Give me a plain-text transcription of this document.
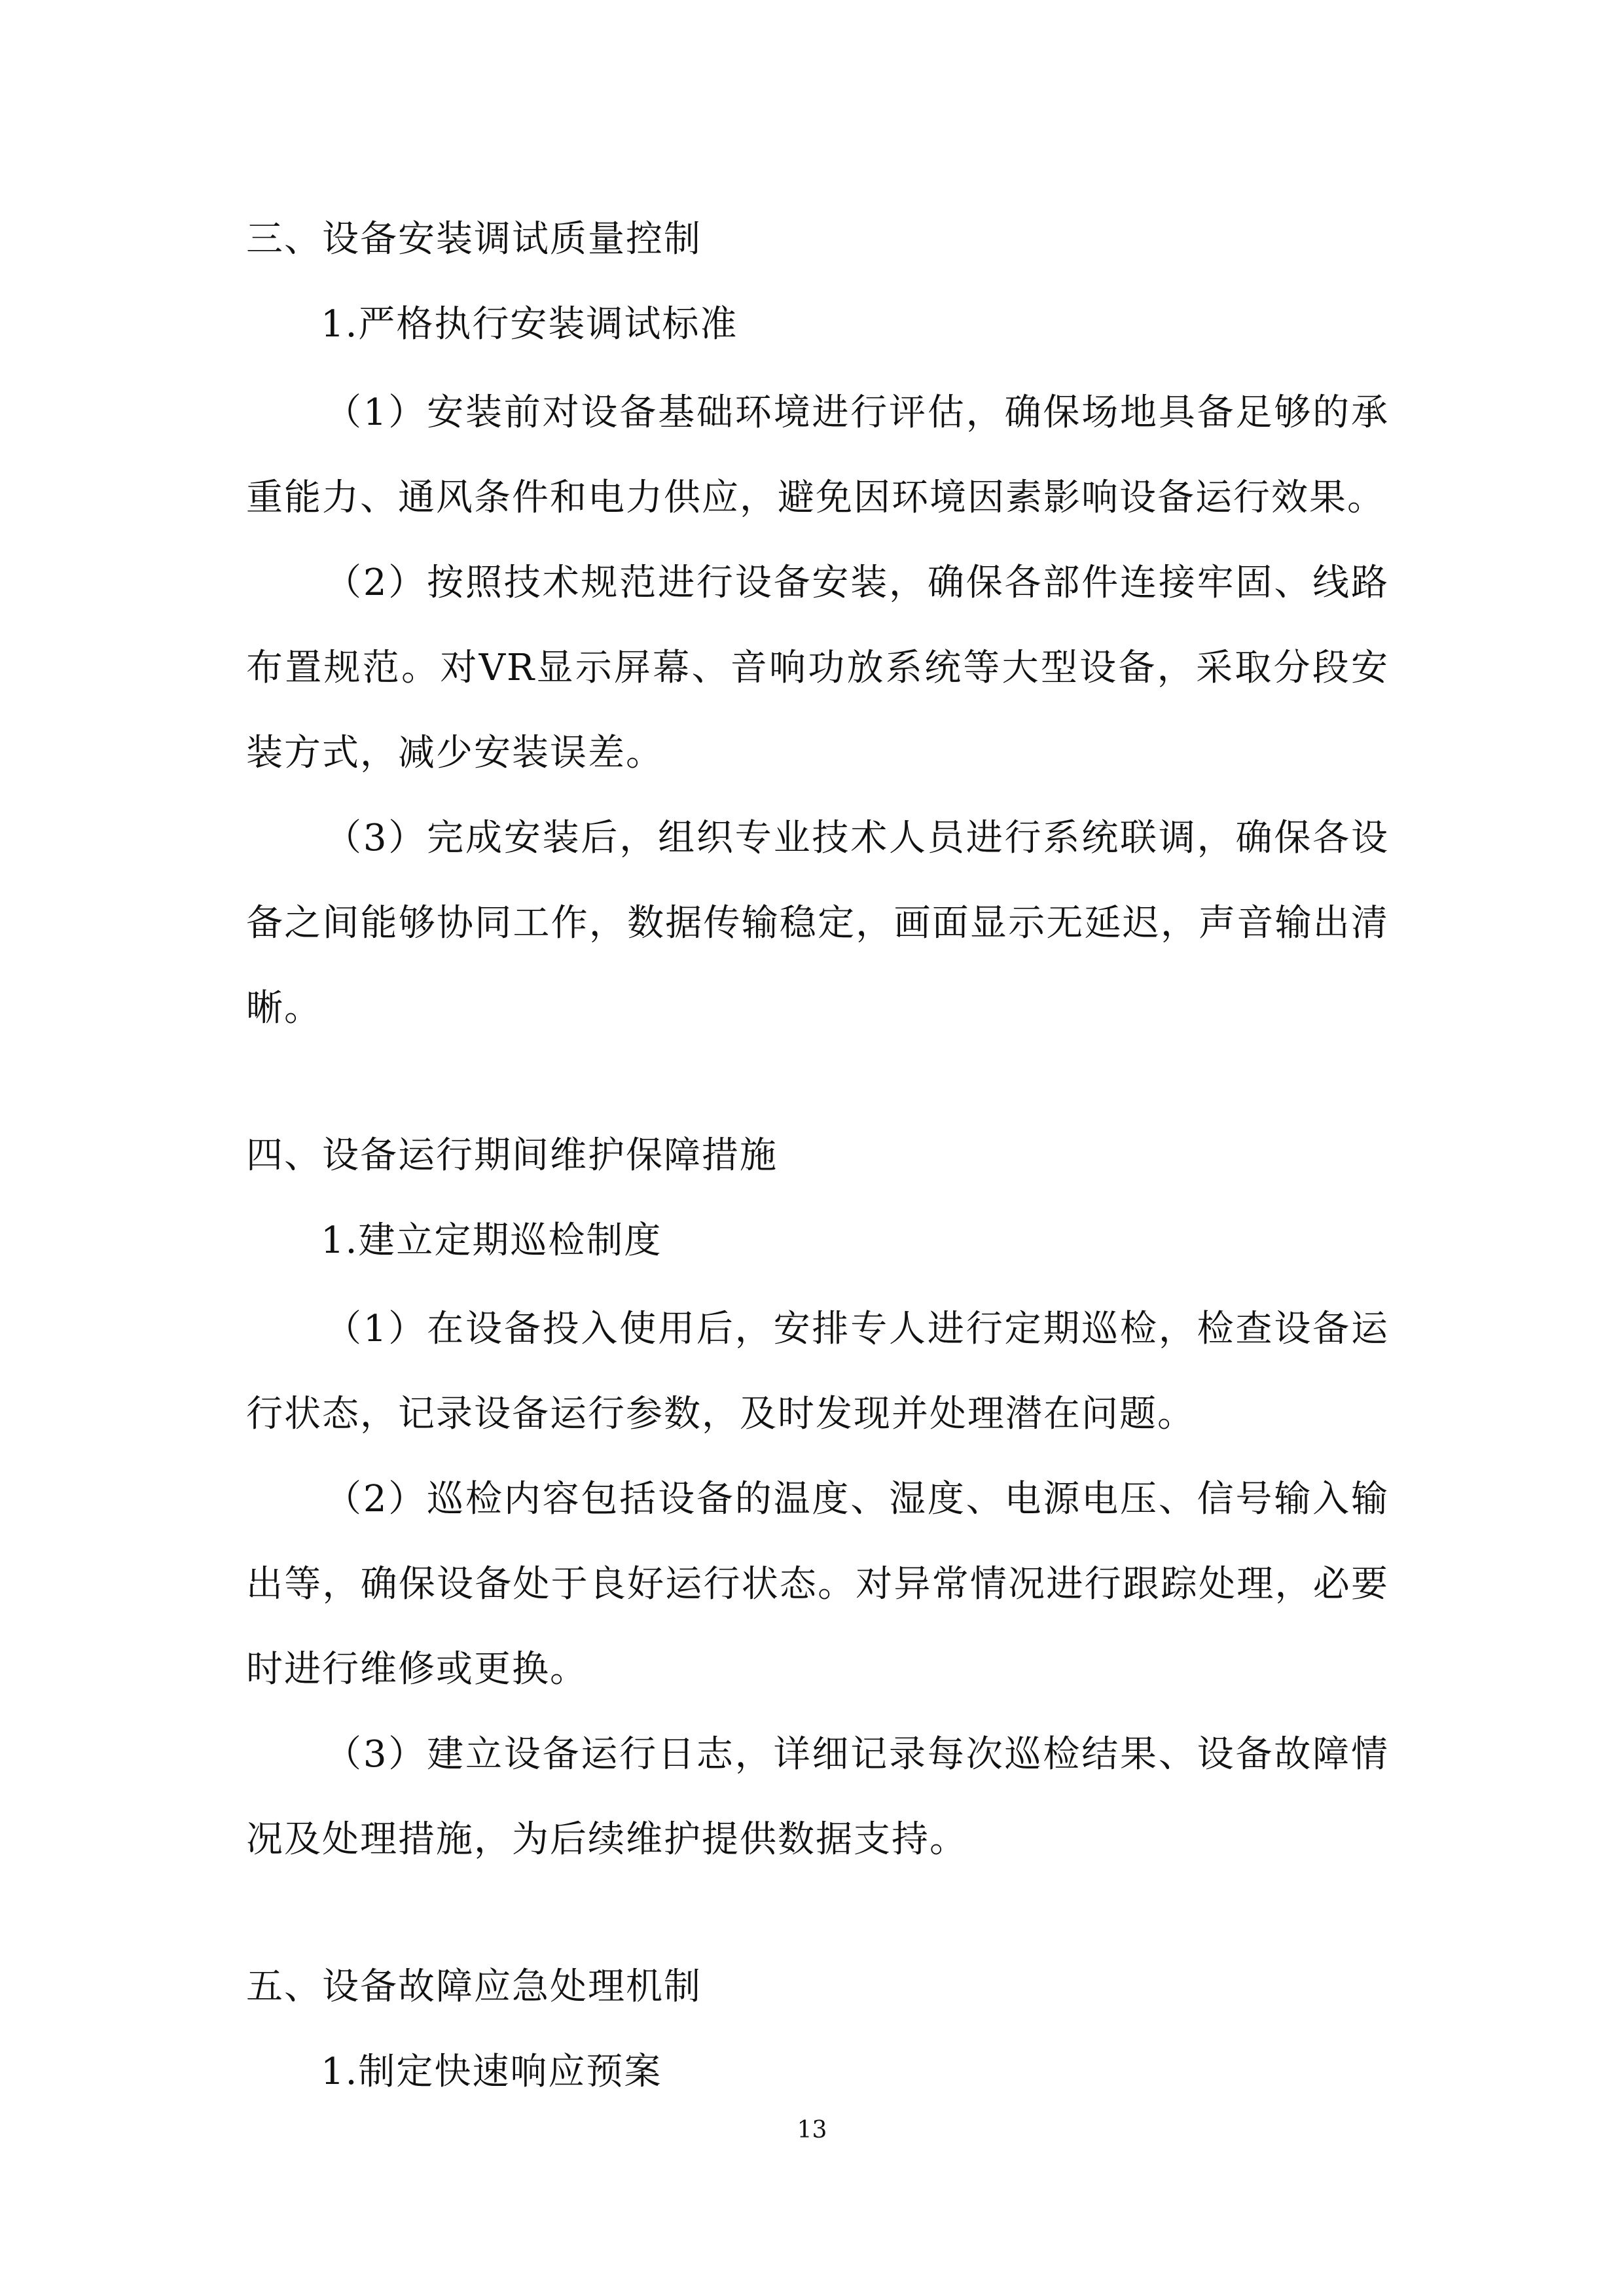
三、设备安装调试质量控制
1.严格执行安装调试标准

（1）安装前对设备基础环境进行评估，确保场地具备足够的承重能力、通风条件和电力供应，避免因环境因素影响设备运行效果。

（2）按照技术规范进行设备安装，确保各部件连接牢固、线路布置规范。对VR显示屏幕、音响功放系统等大型设备，采取分段安装方式，减少安装误差。

（3）完成安装后，组织专业技术人员进行系统联调，确保各设备之间能够协同工作，数据传输稳定，画面显示无延迟，声音输出清晰。

四、设备运行期间维护保障措施
1.建立定期巡检制度

（1）在设备投入使用后，安排专人进行定期巡检，检查设备运行状态，记录设备运行参数，及时发现并处理潜在问题。

（2）巡检内容包括设备的温度、湿度、电源电压、信号输入输出等，确保设备处于良好运行状态。对异常情况进行跟踪处理，必要时进行维修或更换。

（3）建立设备运行日志，详细记录每次巡检结果、设备故障情况及处理措施，为后续维护提供数据支持。

五、设备故障应急处理机制
1.制定快速响应预案
13
